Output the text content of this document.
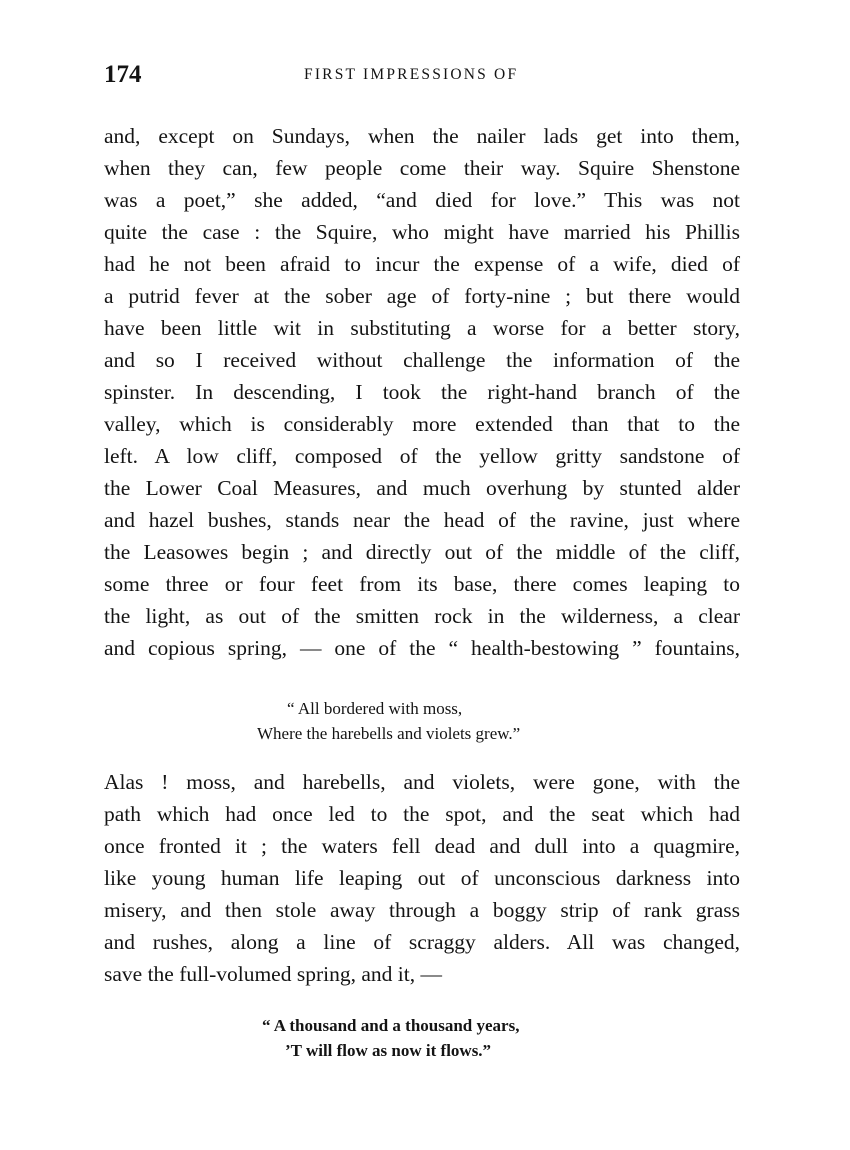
174	FIRST IMPRESSIONS OF
and, except on Sundays, when the nailer lads get into them,
when they can, few people come their way. Squire Shenstone
was a poet,” she added, “and died for love.” This was not
quite the case : the Squire, who might have married his Phillis
had he not been afraid to incur the expense of a wife, died of
a putrid fever at the sober age of forty-nine ; but there would
have been little wit in substituting a worse for a better story,
and so I received without challenge the information of the
spinster. In descending, I took the right-hand branch of the
valley, which is considerably more extended than that to the
left. A low cliff, composed of the yellow gritty sandstone of
the Lower Coal Measures, and much overhung by stunted alder
and hazel bushes, stands near the head of the ravine, just where
the Leasowes begin ; and directly out of the middle of the cliff,
some three or four feet from its base, there comes leaping to
the light, as out of the smitten rock in the wilderness, a clear
and copious spring, — one of the “ health-bestowing ” fountains,
“ All bordered with moss,
Where the harebells and violets grew.”
Alas ! moss, and harebells, and violets, were gone, with the
path which had once led to the spot, and the seat which had
once fronted it ; the waters fell dead and dull into a quagmire,
like young human life leaping out of unconscious darkness into
misery, and then stole away through a boggy strip of rank grass
and rushes, along a line of scraggy alders. All was changed,
save the full-volumed spring, and it, —
“ A thousand and a thousand years,
’T will flow as now it flows.”
